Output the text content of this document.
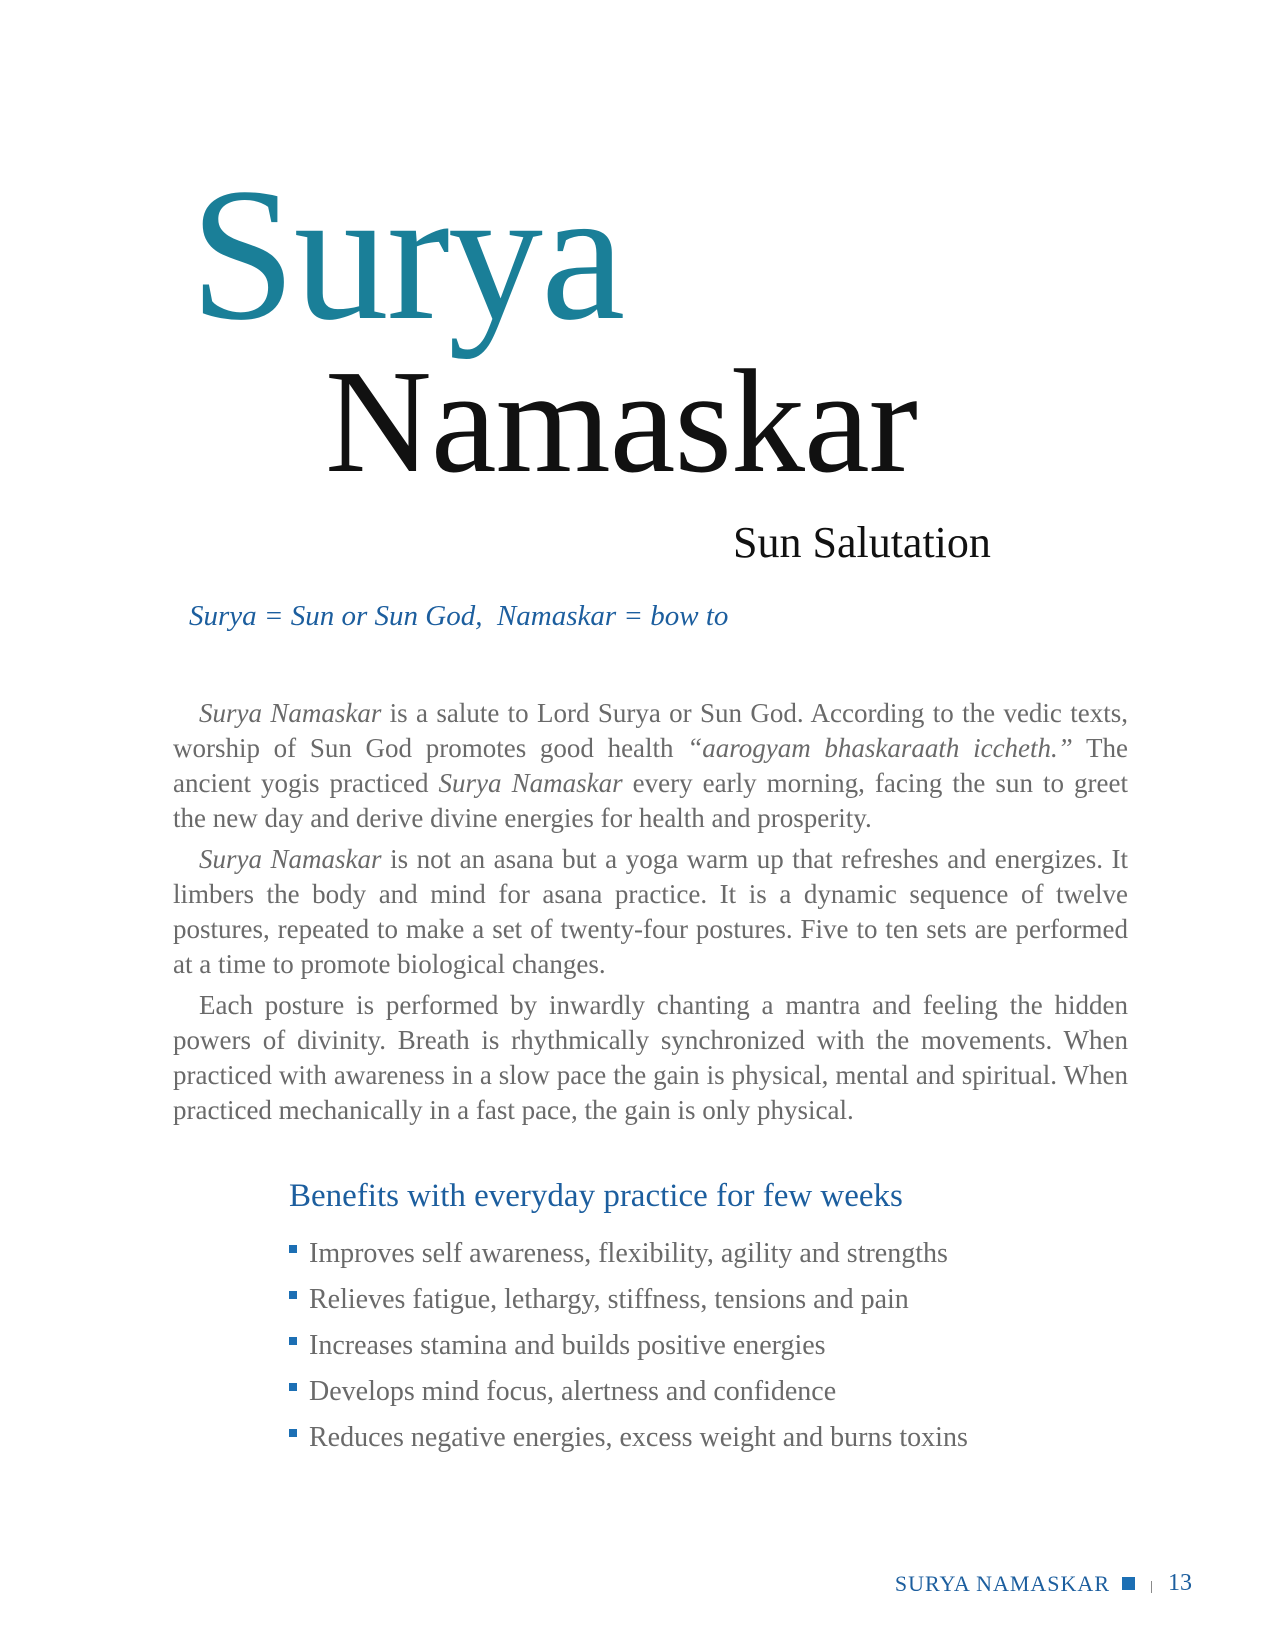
Surya
Namaskar
Sun Salutation
Surya = Sun or Sun God,  Namaskar = bow to

Surya Namaskar is a salute to Lord Surya or Sun God. According to the vedic texts, worship of Sun God promotes good health “aarogyam bhaskaraath iccheth.” The ancient yogis practiced Surya Namaskar every early morning, facing the sun to greet the new day and derive divine energies for health and prosperity.

Surya Namaskar is not an asana but a yoga warm up that refreshes and energizes. It limbers the body and mind for asana practice. It is a dynamic sequence of twelve postures, repeated to make a set of twenty-four postures. Five to ten sets are performed at a time to promote biological changes.

Each posture is performed by inwardly chanting a mantra and feeling the hidden powers of divinity. Breath is rhythmically synchronized with the movements. When practiced with awareness in a slow pace the gain is physical, mental and spiritual. When practiced mechanically in a fast pace, the gain is only physical.

Benefits with everyday practice for few weeks
Improves self awareness, flexibility, agility and strengths
Relieves fatigue, lethargy, stiffness, tensions and pain
Increases stamina and builds positive energies
Develops mind focus, alertness and confidence
Reduces negative energies, excess weight and burns toxins
SURYA NAMASKAR 13
